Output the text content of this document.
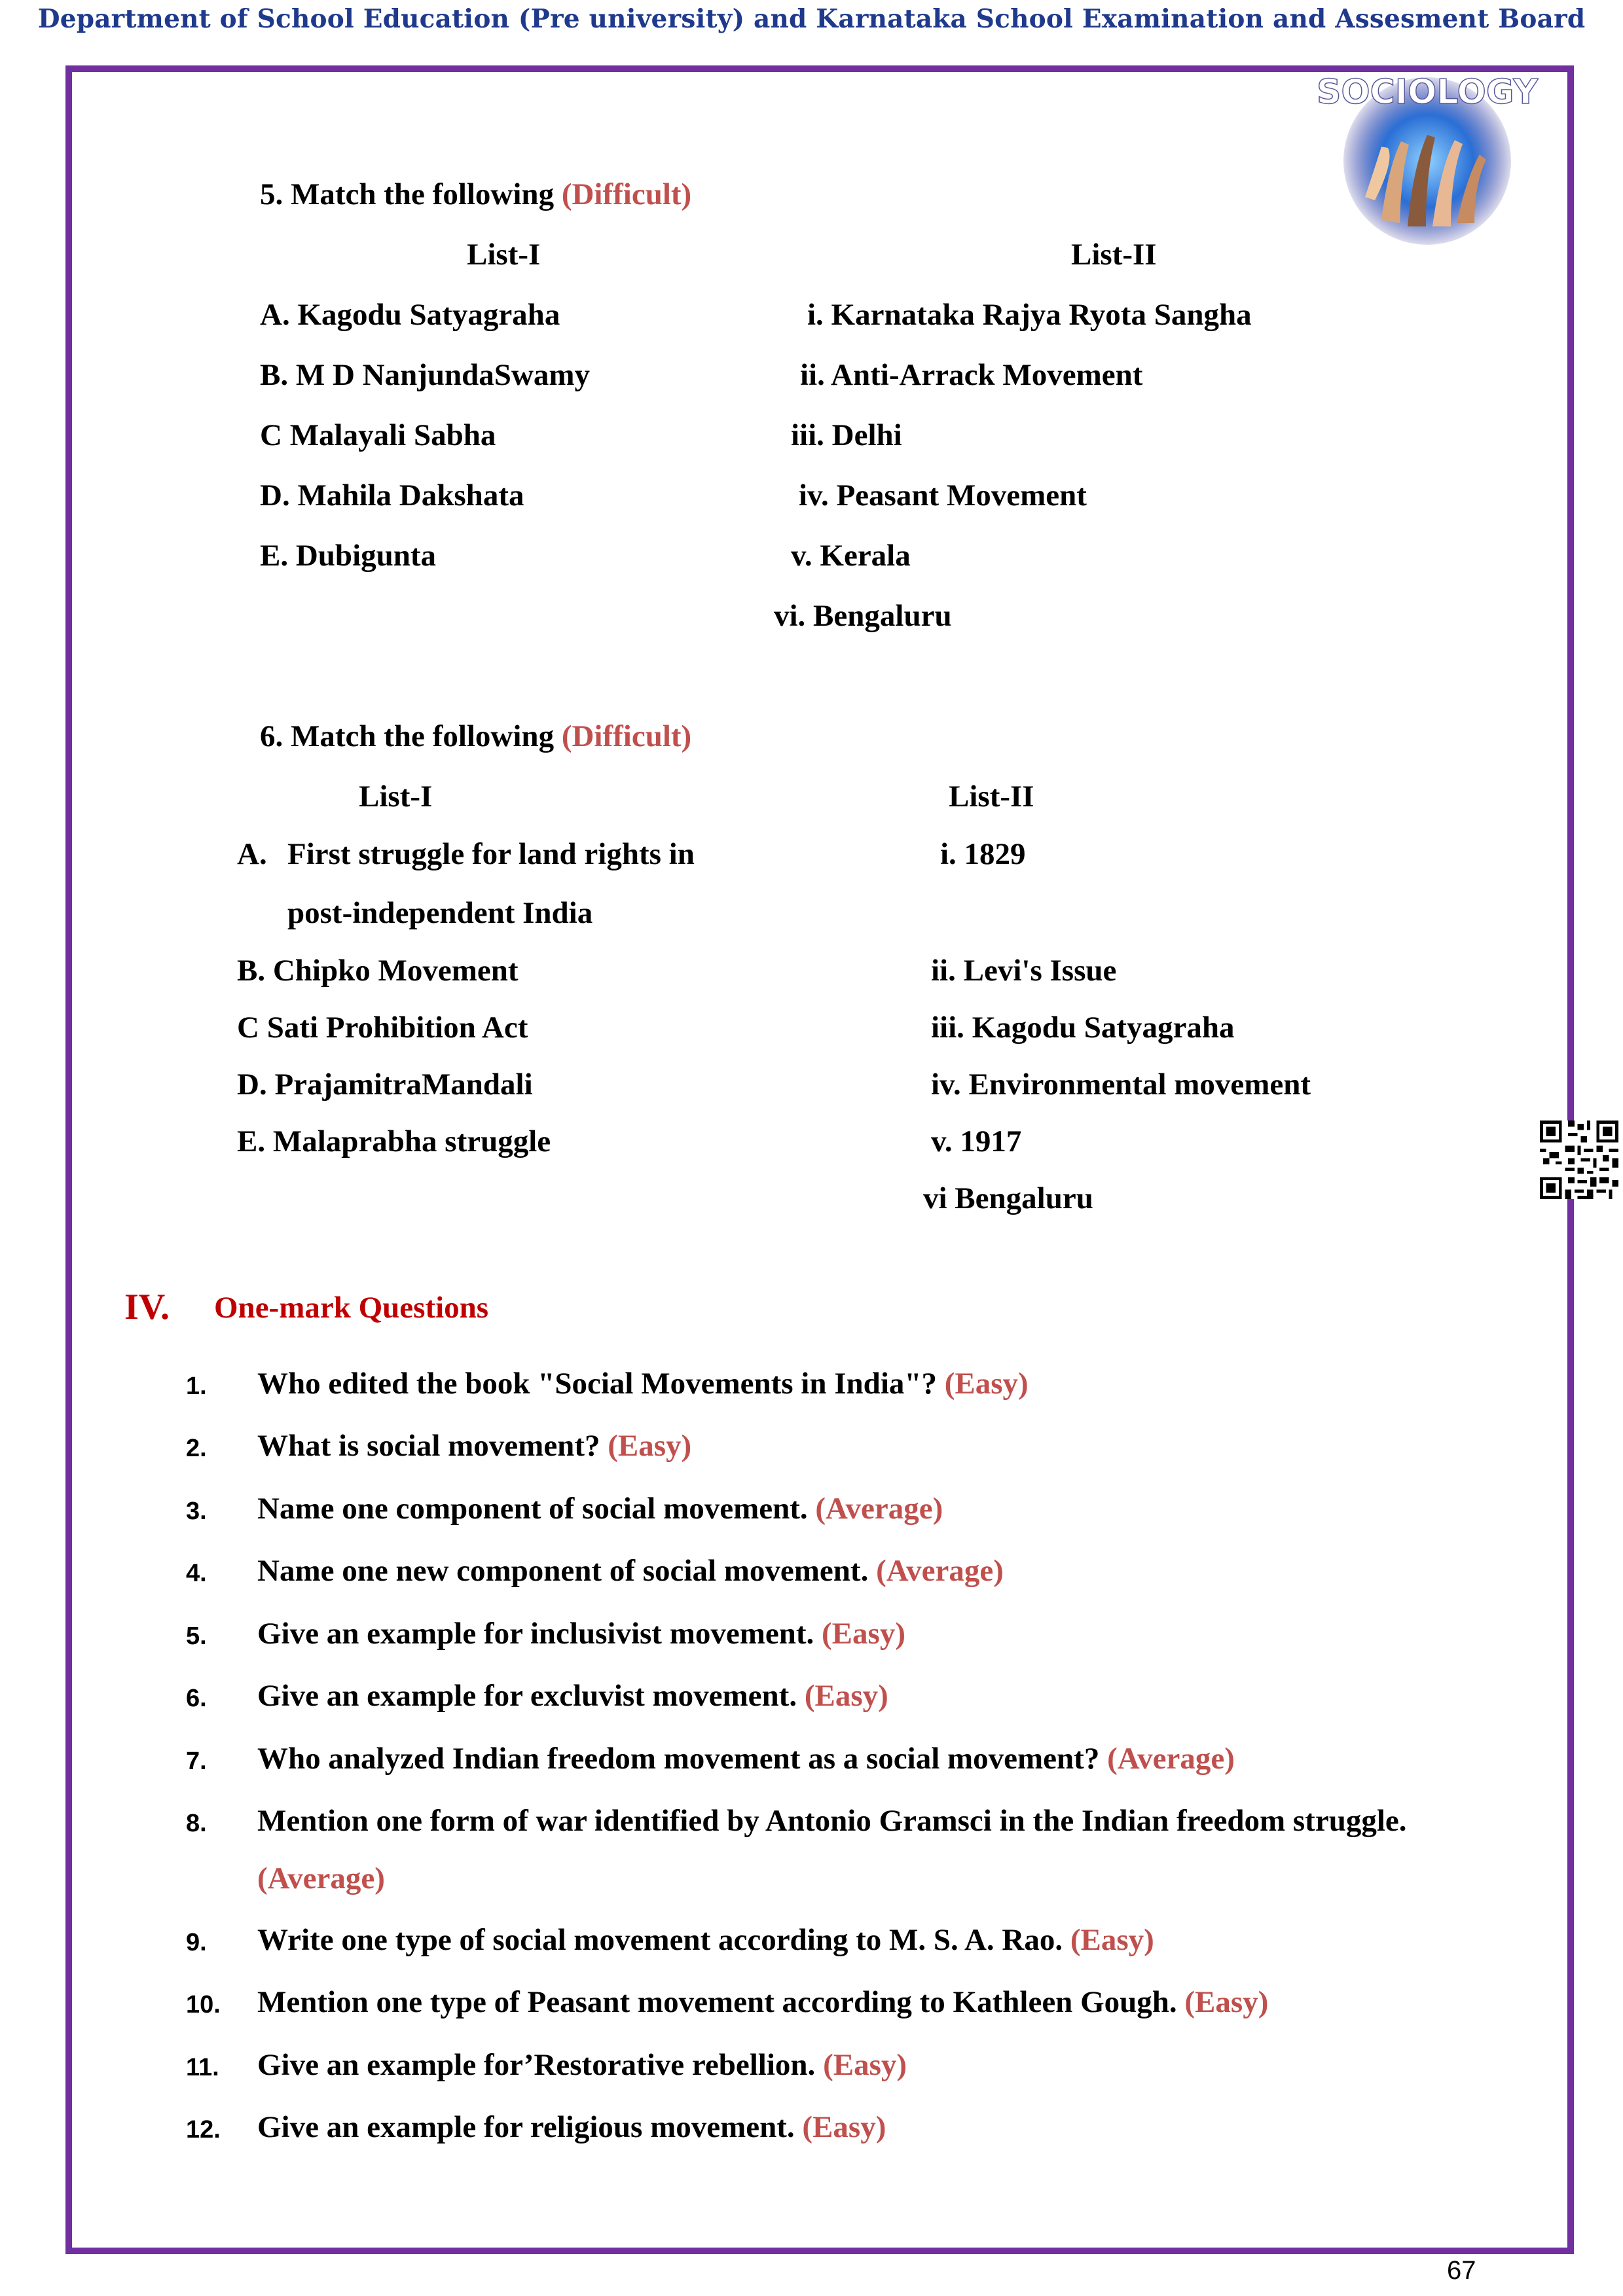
Department of School Education (Pre university) and Karnataka School Examination and Assesment Board
SOCIOLOGY
5. Match the following (Difficult)
List-I	List-II
A. Kagodu Satyagraha
B. M D NanjundaSwamy
C Malayali Sabha
D. Mahila Dakshata
E. Dubigunta
i. Karnataka Rajya Ryota Sangha
ii. Anti-Arrack Movement
iii. Delhi
iv. Peasant Movement
v. Kerala
vi. Bengaluru
6. Match the following (Difficult)
List-I	List-II
A. First struggle for land rights in
post-independent India
B. Chipko Movement
C Sati Prohibition Act
D. PrajamitraMandali
E. Malaprabha struggle
i. 1829
ii. Levi's Issue
iii. Kagodu Satyagraha
iv. Environmental movement
v. 1917
vi Bengaluru
IV. One-mark Questions
1. Who edited the book "Social Movements in India"? (Easy)
2. What is social movement? (Easy)
3. Name one component of social movement. (Average)
4. Name one new component of social movement. (Average)
5. Give an example for inclusivist movement. (Easy)
6. Give an example for excluvist movement. (Easy)
7. Who analyzed Indian freedom movement as a social movement? (Average)
8. Mention one form of war identified by Antonio Gramsci in the Indian freedom struggle.
(Average)
9. Write one type of social movement according to M. S. A. Rao. (Easy)
10. Mention one type of Peasant movement according to Kathleen Gough. (Easy)
11. Give an example for’Restorative rebellion. (Easy)
12. Give an example for religious movement. (Easy)
67
